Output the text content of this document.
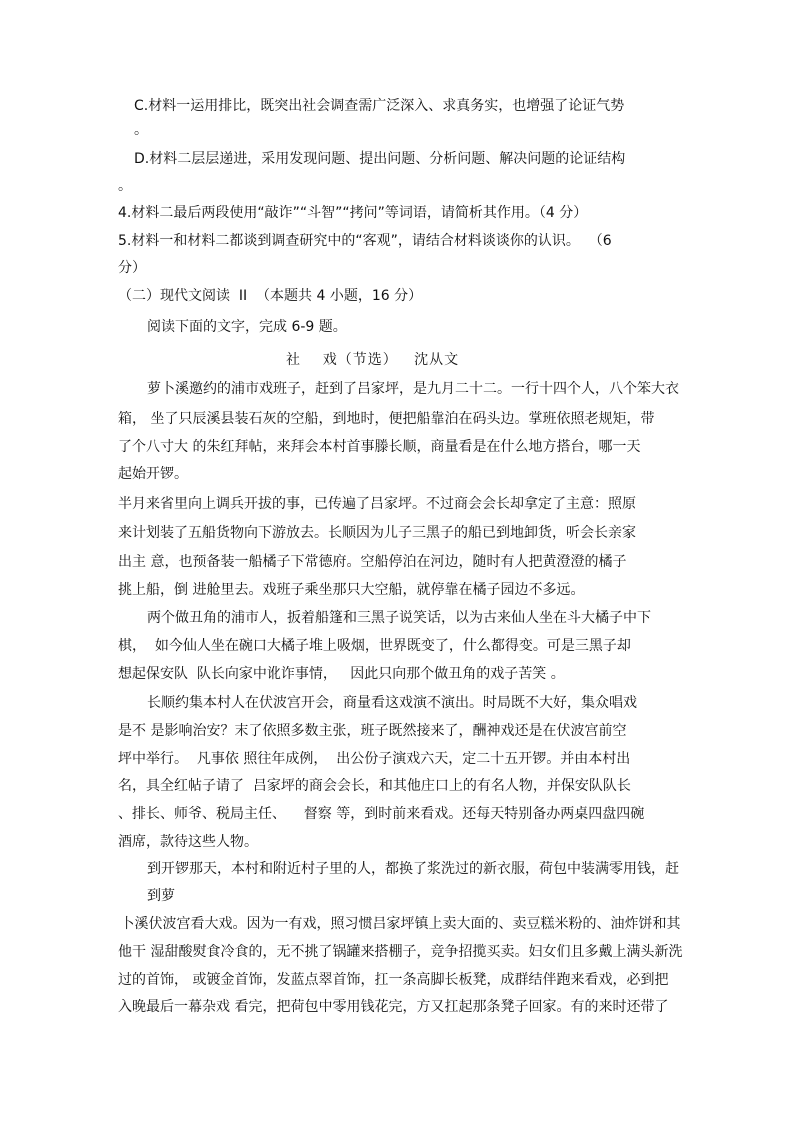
C.材料一运用排比，既突出社会调查需广泛深入、求真务实，也增强了论证气势
。
D.材料二层层递进，采用发现问题、提出问题、分析问题、解决问题的论证结构
。
4.材料二最后两段使用“敲诈”“斗智”“拷问”等词语，请简析其作用。（4 分）
5.材料一和材料二都谈到调查研究中的“客观”，请结合材料谈谈你的认识。  （6
分）
（二）现代文阅读  II  （本题共 4 小题，16 分）
阅读下面的文字，完成 6-9 题。
社    戏（节选）   沈从文
萝卜溪邀约的浦市戏班子，赶到了吕家坪，是九月二十二。一行十四个人，八个笨大衣
箱， 坐了只辰溪县装石灰的空船，到地时，便把船靠泊在码头边。掌班依照老规矩，带
了个八寸大 的朱红拜帖，来拜会本村首事滕长顺，商量看是在什么地方搭台，哪一天
起始开锣。
半月来省里向上调兵开拔的事，已传遍了吕家坪。不过商会会长却拿定了主意：照原
来计划装了五船货物向下游放去。长顺因为儿子三黑子的船已到地卸货，听会长亲家
出主 意，也预备装一船橘子下常德府。空船停泊在河边，随时有人把黄澄澄的橘子
挑上船，倒 进舱里去。戏班子乘坐那只大空船，就停靠在橘子园边不多远。
两个做丑角的浦市人，扳着船篷和三黑子说笑话，以为古来仙人坐在斗大橘子中下
棋，  如今仙人坐在碗口大橘子堆上吸烟，世界既变了，什么都得变。可是三黑子却
想起保安队  队长向家中讹诈事情，   因此只向那个做丑角的戏子苦笑 。
长顺约集本村人在伏波宫开会，商量看这戏演不演出。时局既不大好，集众唱戏
是不 是影响治安？末了依照多数主张，班子既然接来了，酬神戏还是在伏波宫前空
坪中举行。  凡事依 照往年成例，  出公份子演戏六天，定二十五开锣。并由本村出
名，具全红帖子请了  吕家坪的商会会长，和其他庄口上的有名人物，并保安队队长
、排长、师爷、税局主任、    督察 等，到时前来看戏。还每天特别备办两桌四盘四碗
酒席，款待这些人物。
到开锣那天，本村和附近村子里的人，都换了浆洗过的新衣服，荷包中装满零用钱，赶
到萝
卜溪伏波宫看大戏。因为一有戏，照习惯吕家坪镇上卖大面的、卖豆糕米粉的、油炸饼和其
他干 湿甜酸熨食冷食的，无不挑了锅罐来搭棚子，竞争招揽买卖。妇女们且多戴上满头新洗
过的首饰， 或镀金首饰，发蓝点翠首饰，扛一条高脚长板凳，成群结伴跑来看戏，必到把
入晚最后一幕杂戏 看完，把荷包中零用钱花完，方又扛起那条凳子回家。有的来时还带了
